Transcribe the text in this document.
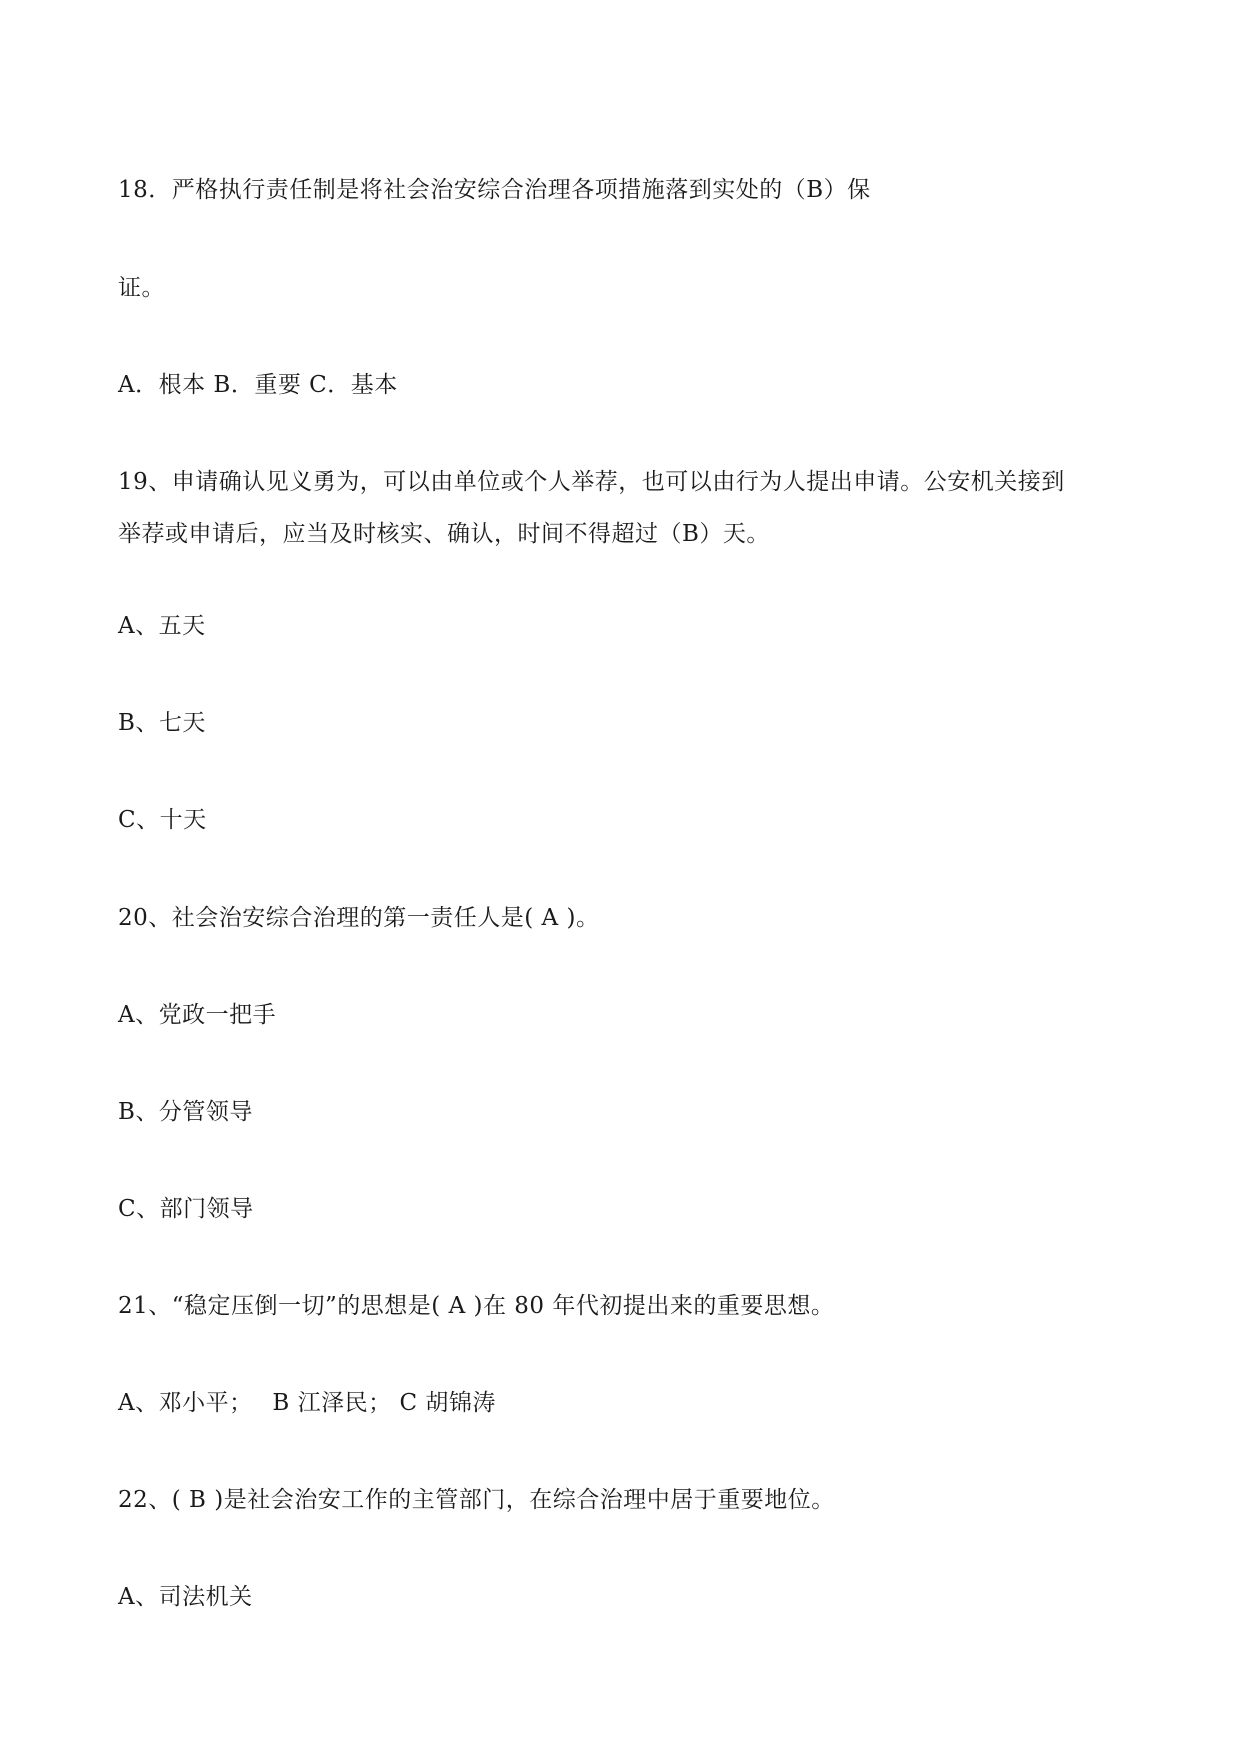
18．严格执行责任制是将社会治安综合治理各项措施落到实处的（B）保
证。
A．根本 B．重要 C．基本
19、申请确认见义勇为，可以由单位或个人举荐，也可以由行为人提出申请。公安机关接到
举荐或申请后，应当及时核实、确认，时间不得超过（B）天。
A、五天
B、七天
C、十天
20、社会治安综合治理的第一责任人是( A )。
A、党政一把手
B、分管领导
C、部门领导
21、“稳定压倒一切”的思想是( A )在 80 年代初提出来的重要思想。
A、邓小平；　 B 江泽民； C 胡锦涛
22、( B )是社会治安工作的主管部门，在综合治理中居于重要地位。
A、司法机关
